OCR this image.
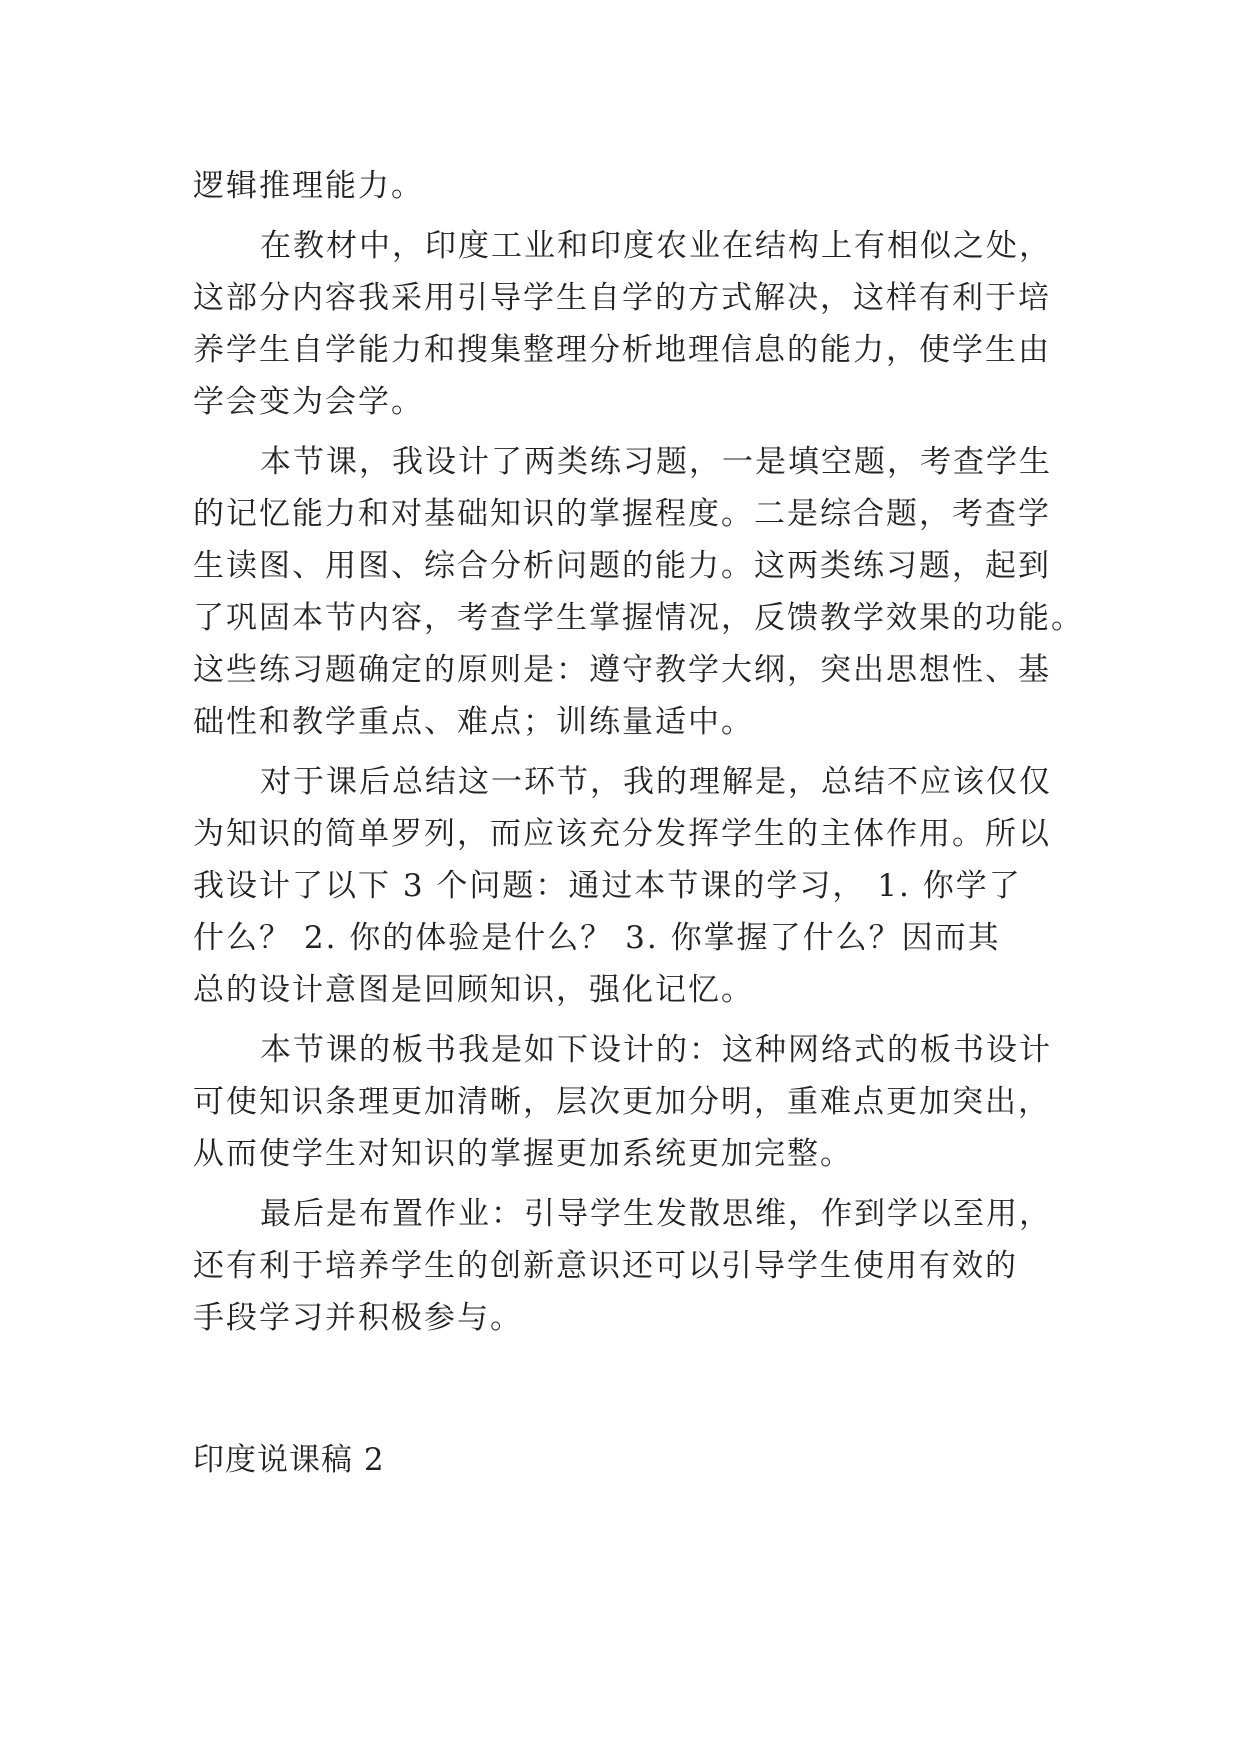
逻辑推理能力。
在教材中，印度工业和印度农业在结构上有相似之处，
这部分内容我采用引导学生自学的方式解决，这样有利于培
养学生自学能力和搜集整理分析地理信息的能力，使学生由
学会变为会学。
本节课，我设计了两类练习题，一是填空题，考查学生
的记忆能力和对基础知识的掌握程度。二是综合题，考查学
生读图、用图、综合分析问题的能力。这两类练习题，起到
了巩固本节内容，考查学生掌握情况，反馈教学效果的功能。
这些练习题确定的原则是：遵守教学大纲，突出思想性、基
础性和教学重点、难点；训练量适中。
对于课后总结这一环节，我的理解是，总结不应该仅仅
为知识的简单罗列，而应该充分发挥学生的主体作用。所以
我设计了以下 3 个问题：通过本节课的学习， 1. 你学了
什么？ 2. 你的体验是什么？ 3. 你掌握了什么？因而其
总的设计意图是回顾知识，强化记忆。
本节课的板书我是如下设计的：这种网络式的板书设计
可使知识条理更加清晰，层次更加分明，重难点更加突出，
从而使学生对知识的掌握更加系统更加完整。
最后是布置作业：引导学生发散思维，作到学以至用，
还有利于培养学生的创新意识还可以引导学生使用有效的
手段学习并积极参与。
印度说课稿 2
